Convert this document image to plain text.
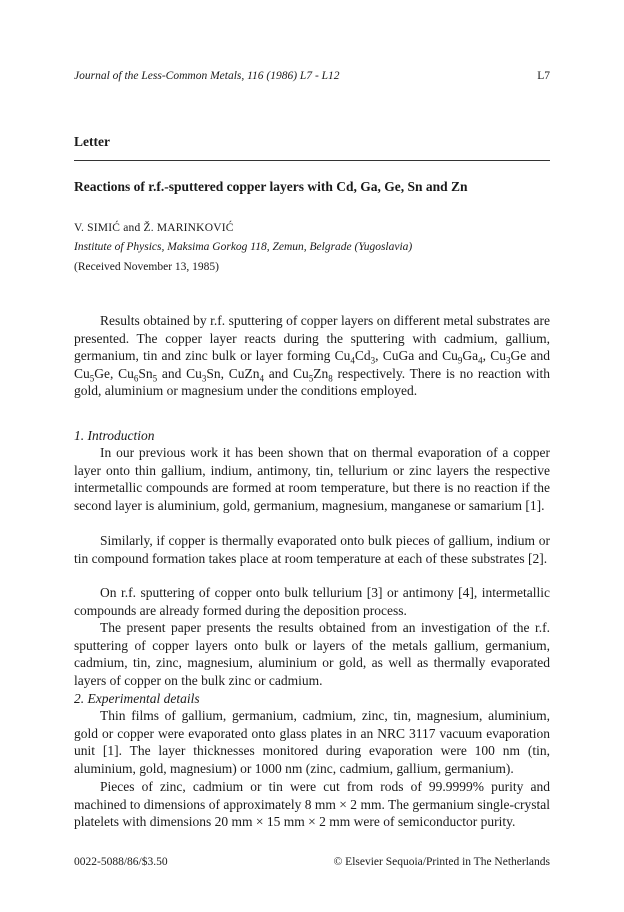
Journal of the Less-Common Metals, 116 (1986) L7 - L12	L7
Letter
Reactions of r.f.-sputtered copper layers with Cd, Ga, Ge, Sn and Zn
V. SIMIĆ and Ž. MARINKOVIĆ
Institute of Physics, Maksima Gorkog 118, Zemun, Belgrade (Yugoslavia)
(Received November 13, 1985)

Results obtained by r.f. sputtering of copper layers on different metal substrates are presented. The copper layer reacts during the sputtering with cadmium, gallium, germanium, tin and zinc bulk or layer forming $Cu_4Cd_3$, CuGa and $Cu_9Ga_4$, $Cu_3Ge$ and $Cu_5Ge$, $Cu_6Sn_5$ and $Cu_3Sn$, CuZn$_4$ and $Cu_5Zn_8$ respectively. There is no reaction with gold, aluminium or magnesium under the conditions employed.

1. Introduction

In our previous work it has been shown that on thermal evaporation of a copper layer onto thin gallium, indium, antimony, tin, tellurium or zinc layers the respective intermetallic compounds are formed at room temperature, but there is no reaction if the second layer is aluminium, gold, germanium, magnesium, manganese or samarium [1].

Similarly, if copper is thermally evaporated onto bulk pieces of gallium, indium or tin compound formation takes place at room temperature at each of these substrates [2].

On r.f. sputtering of copper onto bulk tellurium [3] or antimony [4], intermetallic compounds are already formed during the deposition process.

The present paper presents the results obtained from an investigation of the r.f. sputtering of copper layers onto bulk or layers of the metals gallium, germanium, cadmium, tin, zinc, magnesium, aluminium or gold, as well as thermally evaporated layers of copper on the bulk zinc or cadmium.

2. Experimental details

Thin films of gallium, germanium, cadmium, zinc, tin, magnesium, aluminium, gold or copper were evaporated onto glass plates in an NRC 3117 vacuum evaporation unit [1]. The layer thicknesses monitored during evaporation were 100 nm (tin, aluminium, gold, magnesium) or 1000 nm (zinc, cadmium, gallium, germanium).

Pieces of zinc, cadmium or tin were cut from rods of 99.9999% purity and machined to dimensions of approximately 8 mm × 2 mm. The germanium single-crystal platelets with dimensions 20 mm × 15 mm × 2 mm were of semiconductor purity.

0022-5088/86/$3.50	© Elsevier Sequoia/Printed in The Netherlands
